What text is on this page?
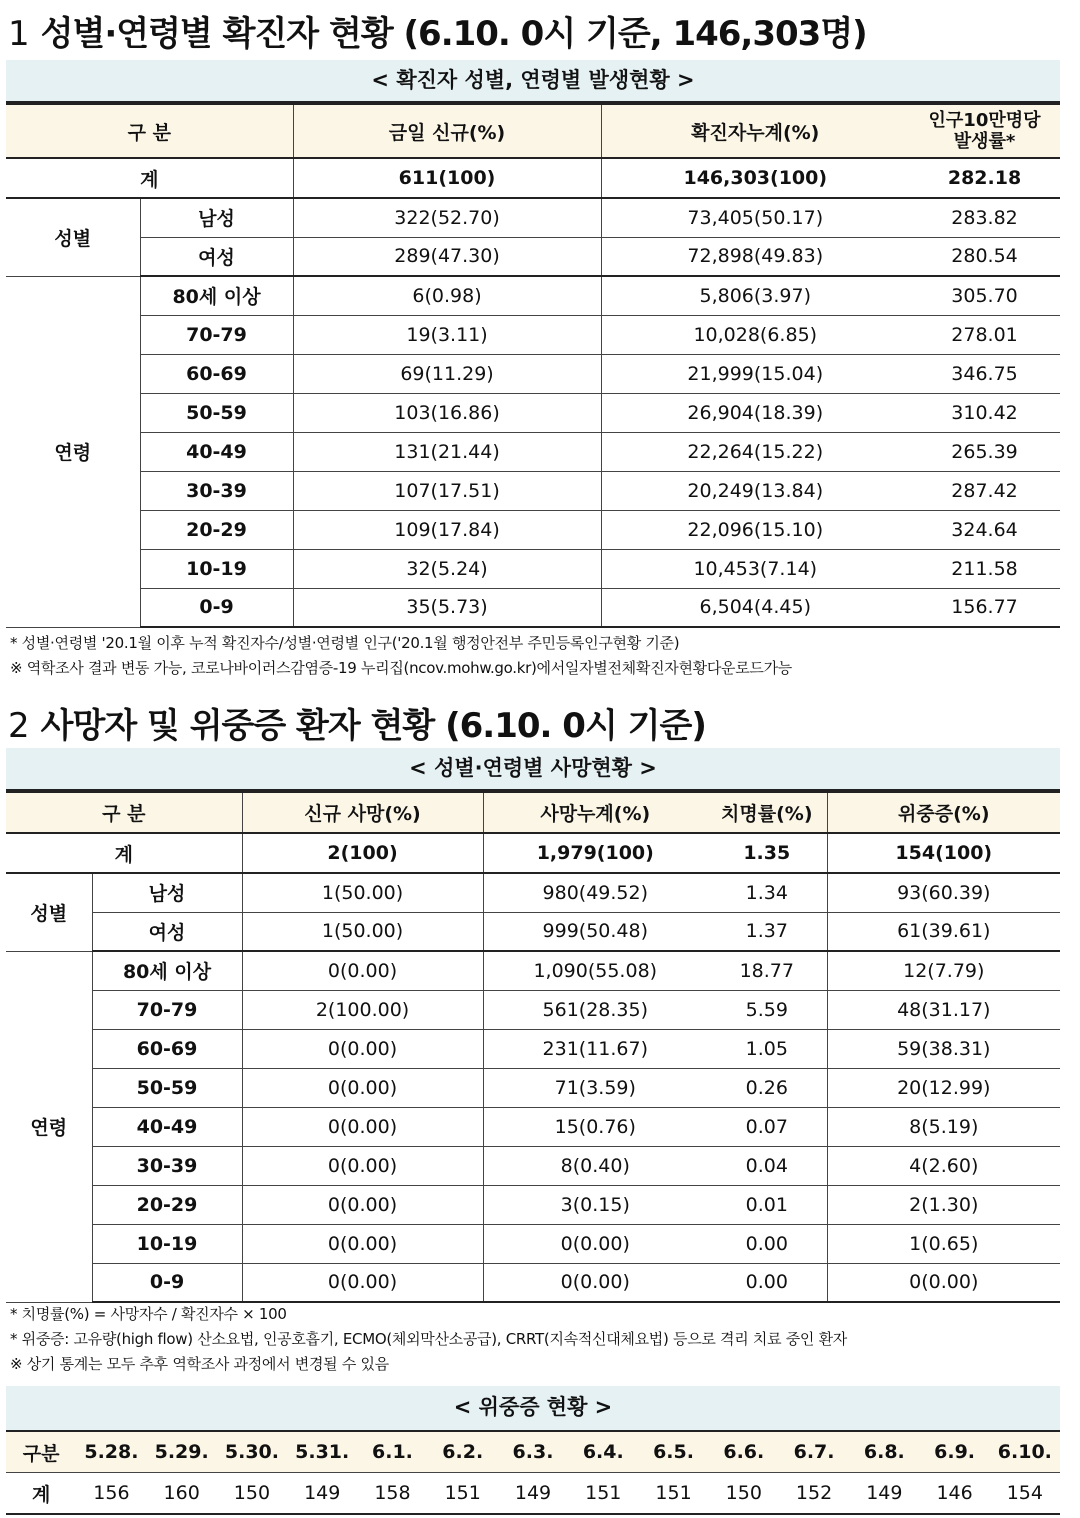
1 성별·연령별 확진자 현황 (6.10. 0시 기준, 146,303명)
< 확진자 성별, 연령별 발생현황 >
구 분		금일 신규(%)	확진자누계(%)	인구10만명당
발생률*

계		611(100)	146,303(100)	282.18
성별	남성	322(52.70)	73,405(50.17)	283.82
	여성	289(47.30)	72,898(49.83)	280.54
연령	80세 이상	6(0.98)	5,806(3.97)	305.70
	70-79	19(3.11)	10,028(6.85)	278.01
	60-69	69(11.29)	21,999(15.04)	346.75
	50-59	103(16.86)	26,904(18.39)	310.42
	40-49	131(21.44)	22,264(15.22)	265.39
	30-39	107(17.51)	20,249(13.84)	287.42
	20-29	109(17.84)	22,096(15.10)	324.64
	10-19	32(5.24)	10,453(7.14)	211.58
	0-9	35(5.73)	6,504(4.45)	156.77
* 성별·연령별 '20.1월 이후 누적 확진자수/성별·연령별 인구('20.1월 행정안전부 주민등록인구현황 기준)
※ 역학조사 결과 변동 가능, 코로나바이러스감염증-19 누리집(ncov.mohw.go.kr)에서일자별전체확진자현황다운로드가능
2 사망자 및 위중증 환자 현황 (6.10. 0시 기준)
< 성별·연령별 사망현황 >
구 분		신규 사망(%)	사망누계(%)	치명률(%)	위중증(%)
계		2(100)	1,979(100)	1.35	154(100)
성별	남성	1(50.00)	980(49.52)	1.34	93(60.39)
	여성	1(50.00)	999(50.48)	1.37	61(39.61)
연령	80세 이상	0(0.00)	1,090(55.08)	18.77	12(7.79)
	70-79	2(100.00)	561(28.35)	5.59	48(31.17)
	60-69	0(0.00)	231(11.67)	1.05	59(38.31)
	50-59	0(0.00)	71(3.59)	0.26	20(12.99)
	40-49	0(0.00)	15(0.76)	0.07	8(5.19)
	30-39	0(0.00)	8(0.40)	0.04	4(2.60)
	20-29	0(0.00)	3(0.15)	0.01	2(1.30)
	10-19	0(0.00)	0(0.00)	0.00	1(0.65)
	0-9	0(0.00)	0(0.00)	0.00	0(0.00)
* 치명률(%) = 사망자수 / 확진자수 × 100
* 위중증: 고유량(high flow) 산소요법, 인공호흡기, ECMO(체외막산소공급), CRRT(지속적신대체요법) 등으로 격리 치료 중인 환자
※ 상기 통계는 모두 추후 역학조사 과정에서 변경될 수 있음
< 위중증 현황 >
구분	5.28.	5.29.	5.30.	5.31.	6.1.	6.2.	6.3.	6.4.	6.5.	6.6.	6.7.	6.8.	6.9.	6.10.
계	156	160	150	149	158	151	149	151	151	150	152	149	146	154
